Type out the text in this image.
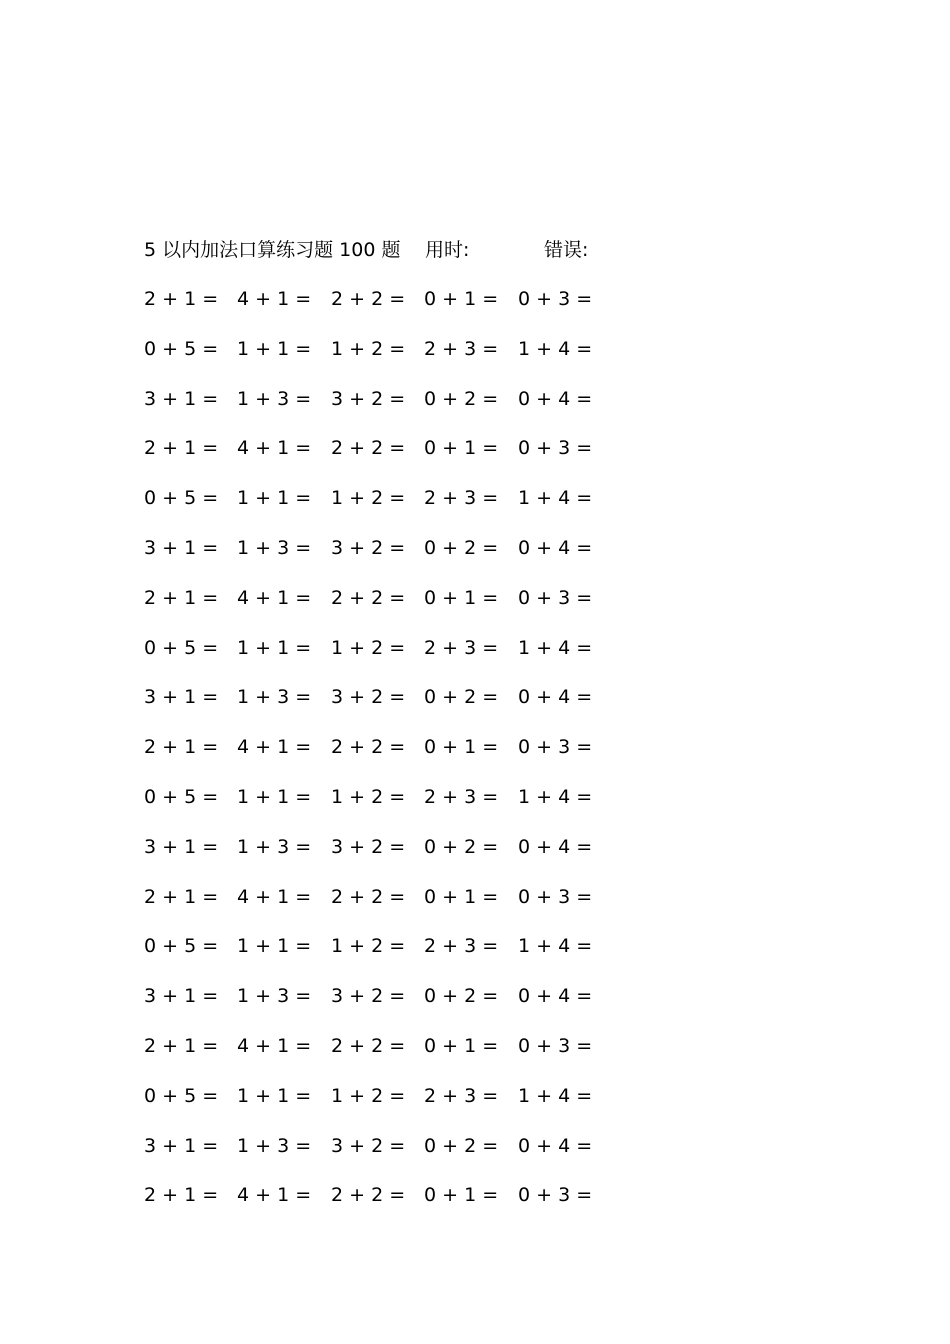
5 以内加法口算练习题 100 题 用时:	错误:
2 + 1 = 4 + 1 = 2 + 2 = 0 + 1 = 0 + 3 =
0 + 5 = 1 + 1 = 1 + 2 = 2 + 3 = 1 + 4 =
3 + 1 = 1 + 3 = 3 + 2 = 0 + 2 = 0 + 4 =
2 + 1 = 4 + 1 = 2 + 2 = 0 + 1 = 0 + 3 =
0 + 5 = 1 + 1 = 1 + 2 = 2 + 3 = 1 + 4 =
3 + 1 = 1 + 3 = 3 + 2 = 0 + 2 = 0 + 4 =
2 + 1 = 4 + 1 = 2 + 2 = 0 + 1 = 0 + 3 =
0 + 5 = 1 + 1 = 1 + 2 = 2 + 3 = 1 + 4 =
3 + 1 = 1 + 3 = 3 + 2 = 0 + 2 = 0 + 4 =
2 + 1 = 4 + 1 = 2 + 2 = 0 + 1 = 0 + 3 =
0 + 5 = 1 + 1 = 1 + 2 = 2 + 3 = 1 + 4 =
3 + 1 = 1 + 3 = 3 + 2 = 0 + 2 = 0 + 4 =
2 + 1 = 4 + 1 = 2 + 2 = 0 + 1 = 0 + 3 =
0 + 5 = 1 + 1 = 1 + 2 = 2 + 3 = 1 + 4 =
3 + 1 = 1 + 3 = 3 + 2 = 0 + 2 = 0 + 4 =
2 + 1 = 4 + 1 = 2 + 2 = 0 + 1 = 0 + 3 =
0 + 5 = 1 + 1 = 1 + 2 = 2 + 3 = 1 + 4 =
3 + 1 = 1 + 3 = 3 + 2 = 0 + 2 = 0 + 4 =
2 + 1 = 4 + 1 = 2 + 2 = 0 + 1 = 0 + 3 =
